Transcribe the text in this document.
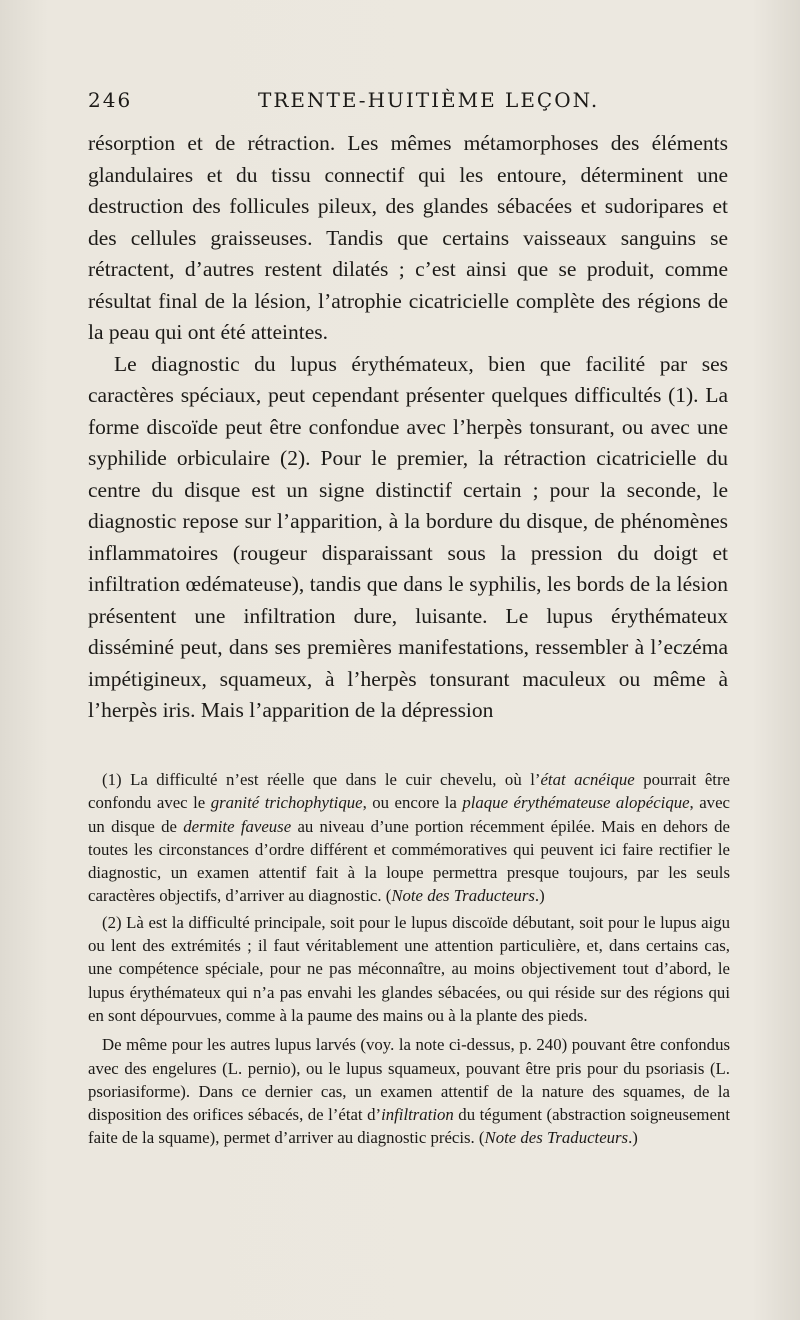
246	TRENTE-HUITIÈME LEÇON.

résorption et de rétraction. Les mêmes métamorphoses des éléments glandulaires et du tissu connectif qui les entoure, déterminent une destruction des follicules pileux, des glandes sébacées et sudoripares et des cellules graisseuses. Tandis que certains vaisseaux sanguins se rétractent, d’autres restent dilatés ; c’est ainsi que se produit, comme résultat final de la lésion, l’atrophie cicatricielle complète des régions de la peau qui ont été atteintes.

Le diagnostic du lupus érythémateux, bien que facilité par ses caractères spéciaux, peut cependant présenter quelques difficultés (1). La forme discoïde peut être confondue avec l’herpès tonsurant, ou avec une syphilide orbiculaire (2). Pour le premier, la rétraction cicatricielle du centre du disque est un signe distinctif certain ; pour la seconde, le diagnostic repose sur l’apparition, à la bordure du disque, de phénomènes inflammatoires (rougeur disparaissant sous la pression du doigt et infiltration œdémateuse), tandis que dans le syphilis, les bords de la lésion présentent une infiltration dure, luisante. Le lupus érythémateux disséminé peut, dans ses premières manifestations, ressembler à l’eczéma impétigineux, squameux, à l’herpès tonsurant maculeux ou même à l’herpès iris. Mais l’apparition de la dépression

(1) La difficulté n’est réelle que dans le cuir chevelu, où l’état acnéique pourrait être confondu avec le granité trichophytique, ou encore la plaque érythémateuse alopécique, avec un disque de dermite faveuse au niveau d’une portion récemment épilée. Mais en dehors de toutes les circonstances d’ordre différent et commémoratives qui peuvent ici faire rectifier le diagnostic, un examen attentif fait à la loupe permettra presque toujours, par les seuls caractères objectifs, d’arriver au diagnostic. (Note des Traducteurs.)

(2) Là est la difficulté principale, soit pour le lupus discoïde débutant, soit pour le lupus aigu ou lent des extrémités ; il faut véritablement une attention particulière, et, dans certains cas, une compétence spéciale, pour ne pas méconnaître, au moins objectivement tout d’abord, le lupus érythémateux qui n’a pas envahi les glandes sébacées, ou qui réside sur des régions qui en sont dépourvues, comme à la paume des mains ou à la plante des pieds.

De même pour les autres lupus larvés (voy. la note ci-dessus, p. 240) pouvant être confondus avec des engelures (L. pernio), ou le lupus squameux, pouvant être pris pour du psoriasis (L. psoriasiforme). Dans ce dernier cas, un examen attentif de la nature des squames, de la disposition des orifices sébacés, de l’état d’infiltration du tégument (abstraction soigneusement faite de la squame), permet d’arriver au diagnostic précis. (Note des Traducteurs.)
